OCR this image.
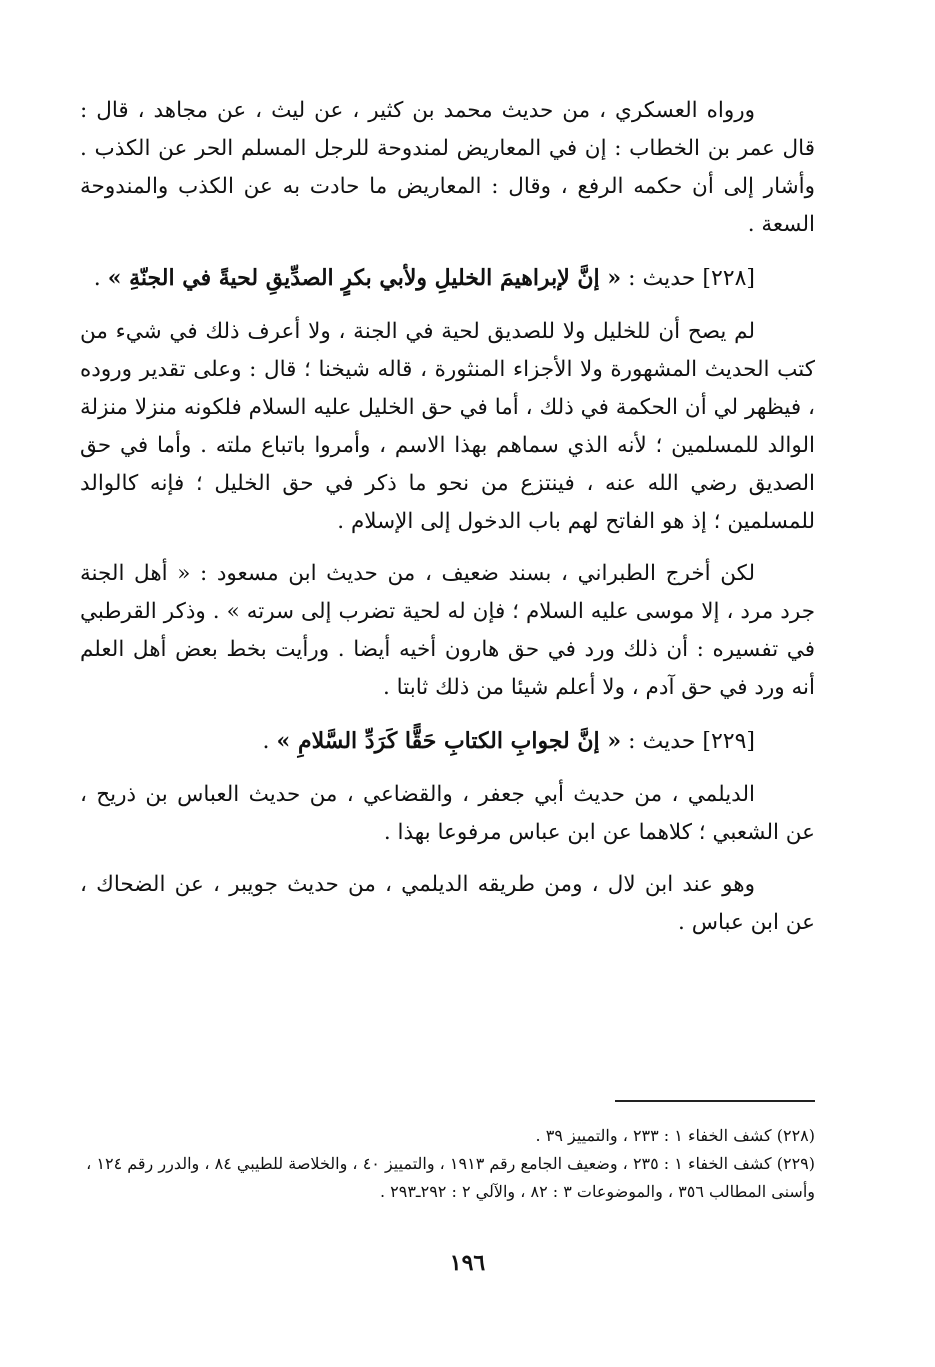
ورواه العسكري ، من حديث محمد بن كثير ، عن ليث ، عن مجاهد ، قال : قال عمر بن الخطاب : إن في المعاريض لمندوحة للرجل المسلم الحر عن الكذب . وأشار إلى أن حكمه الرفع ، وقال : المعاريض ما حادت به عن الكذب والمندوحة السعة .

[٢٢٨] حديث : « إنَّ لإبراهيمَ الخليلِ ولأبي بكرٍ الصدِّيقِ لحيةً في الجنّةِ » .

لم يصح أن للخليل ولا للصديق لحية في الجنة ، ولا أعرف ذلك في شيء من كتب الحديث المشهورة ولا الأجزاء المنثورة ، قاله شيخنا ؛ قال : وعلى تقدير وروده ، فيظهر لي أن الحكمة في ذلك ، أما في حق الخليل عليه السلام فلكونه منزلا منزلة الوالد للمسلمين ؛ لأنه الذي سماهم بهذا الاسم ، وأمروا باتباع ملته . وأما في حق الصديق رضي الله عنه ، فينتزع من نحو ما ذكر في حق الخليل ؛ فإنه كالوالد للمسلمين ؛ إذ هو الفاتح لهم باب الدخول إلى الإسلام .

لكن أخرج الطبراني ، بسند ضعيف ، من حديث ابن مسعود : « أهل الجنة جرد مرد ، إلا موسى عليه السلام ؛ فإن له لحية تضرب إلى سرته » . وذكر القرطبي في تفسيره : أن ذلك ورد في حق هارون أخيه أيضا . ورأيت بخط بعض أهل العلم أنه ورد في حق آدم ، ولا أعلم شيئا من ذلك ثابتا .

[٢٢٩] حديث : « إنَّ لجوابِ الكتابِ حَقًّا كَرَدِّ السَّلامِ » .

الديلمي ، من حديث أبي جعفر ، والقضاعي ، من حديث العباس بن ذريح ، عن الشعبي ؛ كلاهما عن ابن عباس مرفوعا بهذا .

وهو عند ابن لال ، ومن طريقه الديلمي ، من حديث جويبر ، عن الضحاك ، عن ابن عباس .

(٢٢٨) كشف الخفاء ١ : ٢٣٣ ، والتمييز ٣٩ .

(٢٢٩) كشف الخفاء ١ : ٢٣٥ ، وضعيف الجامع رقم ١٩١٣ ، والتمييز ٤٠ ، والخلاصة للطيبي ٨٤ ، والدرر رقم ١٢٤ ، وأسنى المطالب ٣٥٦ ، والموضوعات ٣ : ٨٢ ، والآلي ٢ : ٢٩٢ـ٢٩٣ .

١٩٦
